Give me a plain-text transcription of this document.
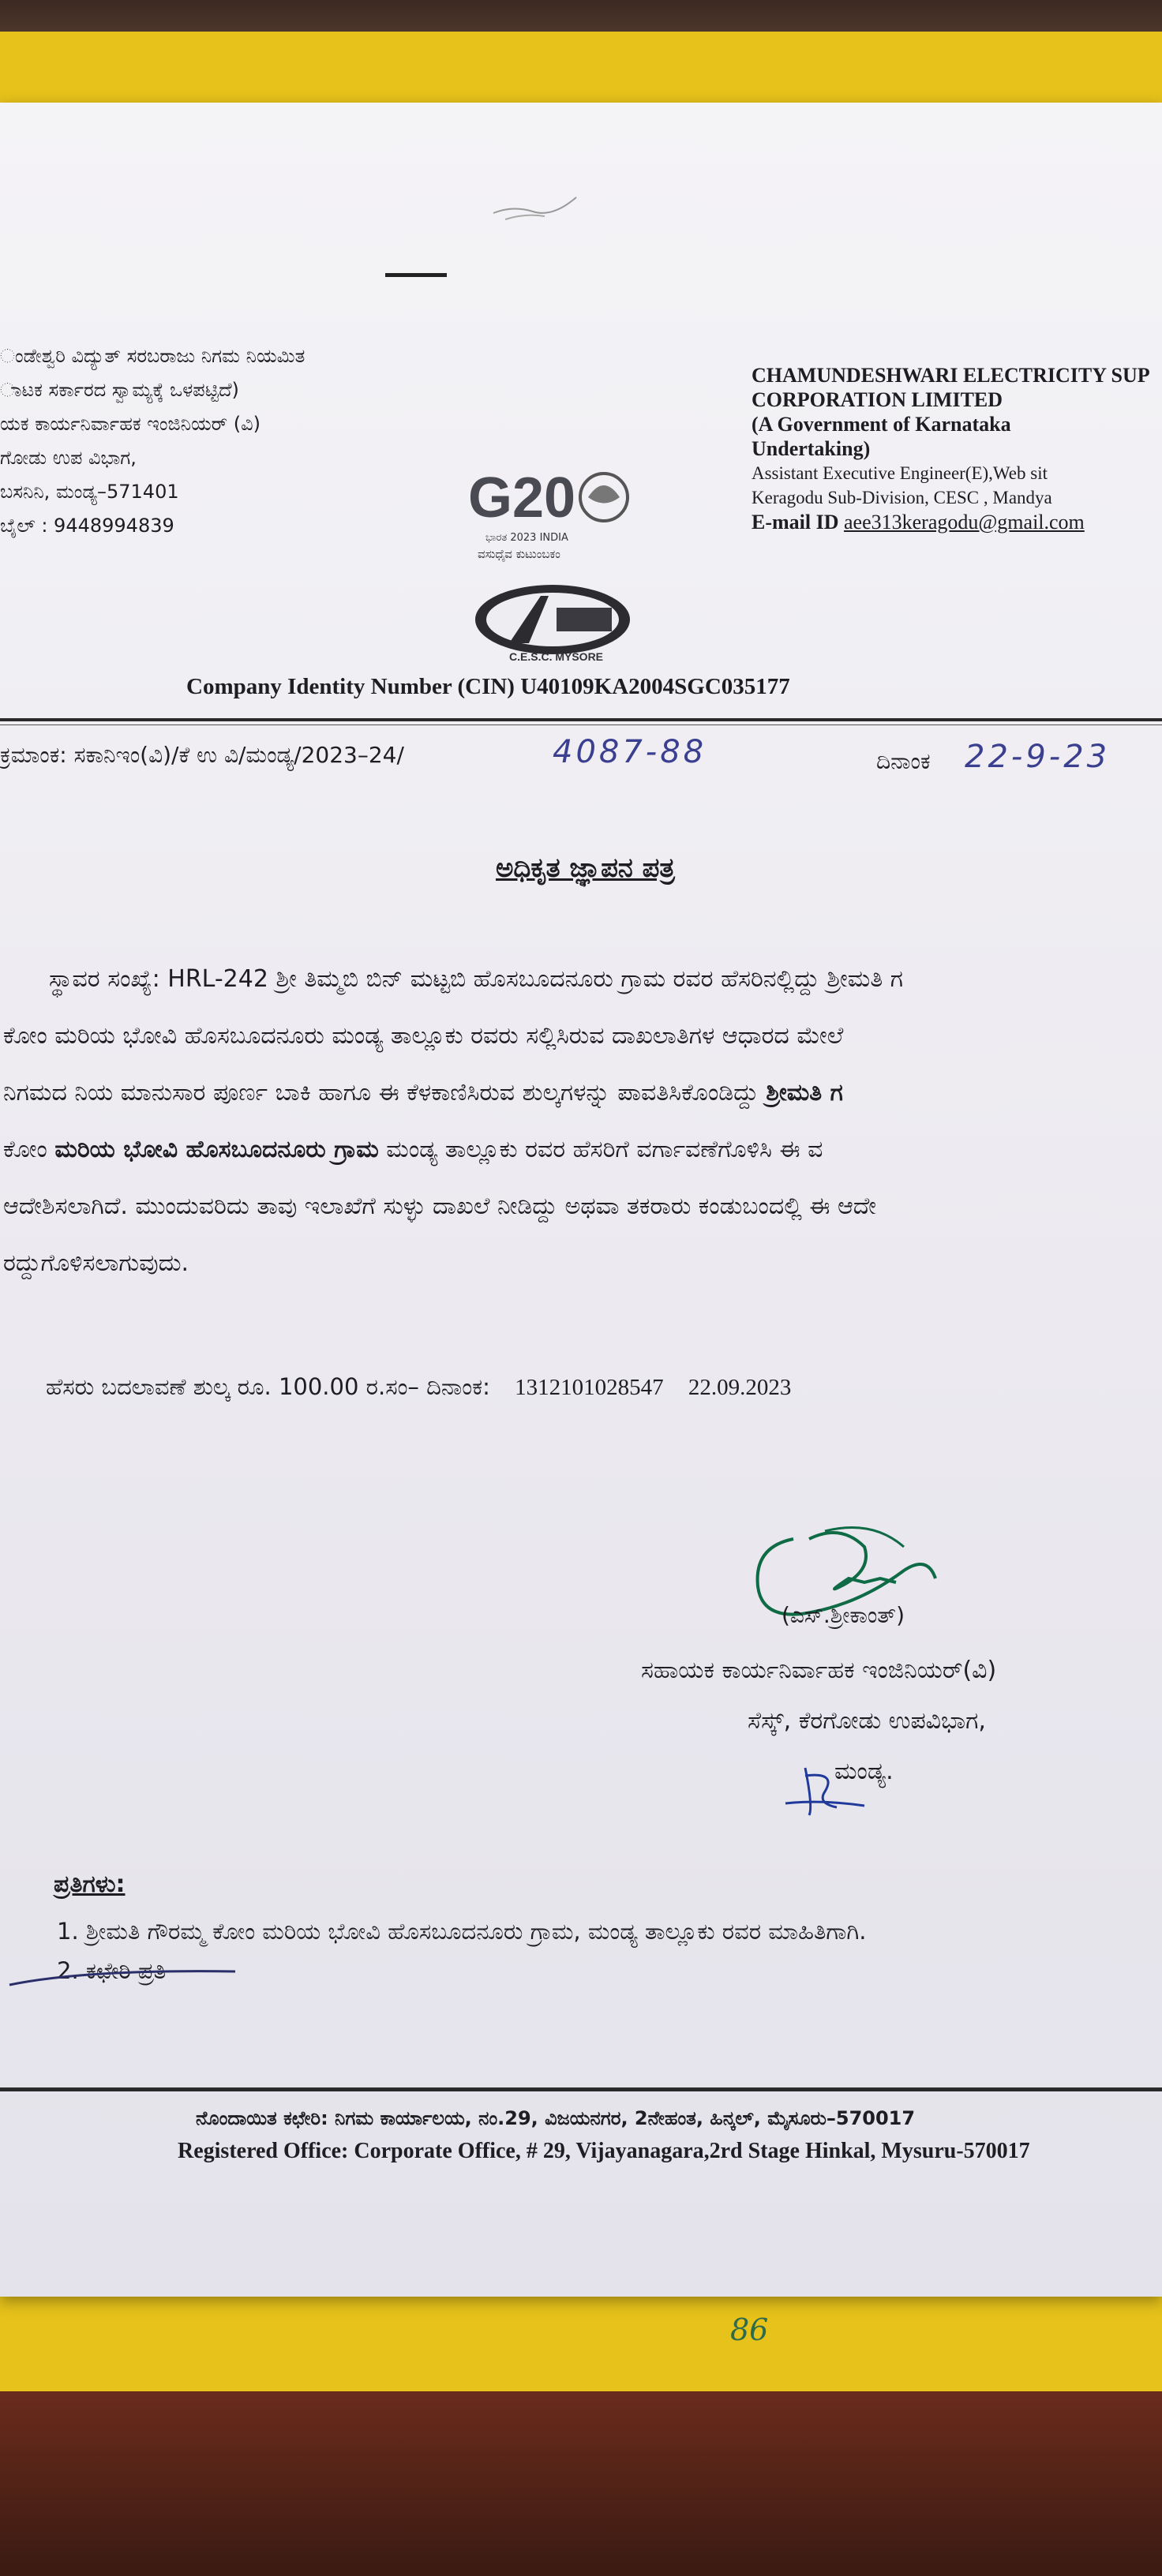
ಂಡೇಶ್ವರಿ ವಿದ್ಯುತ್ ಸರಬರಾಜು ನಿಗಮ ನಿಯಮಿತ
ಾಟಕ ಸರ್ಕಾರದ ಸ್ವಾಮ್ಯಕ್ಕೆ ಒಳಪಟ್ಟಿದೆ)
ಯಕ ಕಾರ್ಯನಿರ್ವಾಹಕ ಇಂಜಿನಿಯರ್ (ವಿ)
ಗೋಡು ಉಪ ವಿಭಾಗ,
ಬಸನಿನಿ, ಮಂಡ್ಯ–571401
ಬೈಲ್ : 9448994839	G20
ಭಾರತ 2023 INDIA
ವಸುಧೈವ ಕುಟುಂಬಕಂ
C.E.S.C. MYSORE
CHAMUNDESHWARI ELECTRICITY SUP
CORPORATION LIMITED
(A Government of Karnataka
Undertaking)
Assistant Executive Engineer(E),Web sit
Keragodu Sub-Division, CESC , Mandya
E-mail ID aee313keragodu@gmail.com
Company Identity Number (CIN) U40109KA2004SGC035177
ಕ್ರಮಾಂಕ: ಸಕಾನಿಇಂ(ವಿ)/ಕೆ ಉ ವಿ/ಮಂಡ್ಯ/2023–24/	4087-88	ದಿನಾಂಕ 22-9-23
ಅಧಿಕೃತ ಜ್ಞಾಪನ ಪತ್ರ
ಸ್ಥಾವರ ಸಂಖ್ಯೆ: HRL-242 ಶ್ರೀ ತಿಮ್ಮಬಿ ಬಿನ್ ಮಟ್ಟಬಿ ಹೊಸಬೂದನೂರು ಗ್ರಾಮ ರವರ ಹೆಸರಿನಲ್ಲಿದ್ದು ಶ್ರೀಮತಿ ಗ
ಕೋಂ ಮರಿಯ ಭೋವಿ ಹೊಸಬೂದನೂರು ಮಂಡ್ಯ ತಾಲ್ಲೂಕು ರವರು ಸಲ್ಲಿಸಿರುವ ದಾಖಲಾತಿಗಳ ಆಧಾರದ ಮೇಲೆ
ನಿಗಮದ ನಿಯ ಮಾನುಸಾರ ಪೂರ್ಣ ಬಾಕಿ ಹಾಗೂ ಈ ಕೆಳಕಾಣಿಸಿರುವ ಶುಲ್ಕಗಳನ್ನು ಪಾವತಿಸಿಕೊಂಡಿದ್ದು ಶ್ರೀಮತಿ ಗ
ಕೋಂ ಮರಿಯ ಭೋವಿ ಹೊಸಬೂದನೂರು ಗ್ರಾಮ ಮಂಡ್ಯ ತಾಲ್ಲೂಕು ರವರ ಹೆಸರಿಗೆ ವರ್ಗಾವಣೆಗೊಳಿಸಿ ಈ ವ
ಆದೇಶಿಸಲಾಗಿದೆ. ಮುಂದುವರಿದು ತಾವು ಇಲಾಖೆಗೆ ಸುಳ್ಳು ದಾಖಲೆ ನೀಡಿದ್ದು ಅಥವಾ ತಕರಾರು ಕಂಡುಬಂದಲ್ಲಿ ಈ ಆದೇ
ರದ್ದುಗೊಳಿಸಲಾಗುವುದು.
ಹೆಸರು ಬದಲಾವಣೆ ಶುಲ್ಕ ರೂ. 100.00 ರ.ಸಂ– ದಿನಾಂಕ: 1312101028547 22.09.2023
(ಎಸ್.ಶ್ರೀಕಾಂತ್)
ಸಹಾಯಕ ಕಾರ್ಯನಿರ್ವಾಹಕ ಇಂಜಿನಿಯರ್(ವಿ)
ಸೆಸ್ಕ್, ಕೆರಗೋಡು ಉಪವಿಭಾಗ,
ಮಂಡ್ಯ.
ಪ್ರತಿಗಳು:
1. ಶ್ರೀಮತಿ ಗೌರಮ್ಮ ಕೋಂ ಮರಿಯ ಭೋವಿ ಹೊಸಬೂದನೂರು ಗ್ರಾಮ, ಮಂಡ್ಯ ತಾಲ್ಲೂಕು ರವರ ಮಾಹಿತಿಗಾಗಿ.
2. ಕಛೇರಿ ಪ್ರತಿ
ನೊಂದಾಯಿತ ಕಛೇರಿ: ನಿಗಮ ಕಾರ್ಯಾಲಯ, ನಂ.29, ವಿಜಯನಗರ, 2ನೇಹಂತ, ಹಿನ್ಕಲ್, ಮೈಸೂರು–570017
Registered Office: Corporate Office, # 29, Vijayanagara,2rd Stage Hinkal, Mysuru-570017
86
